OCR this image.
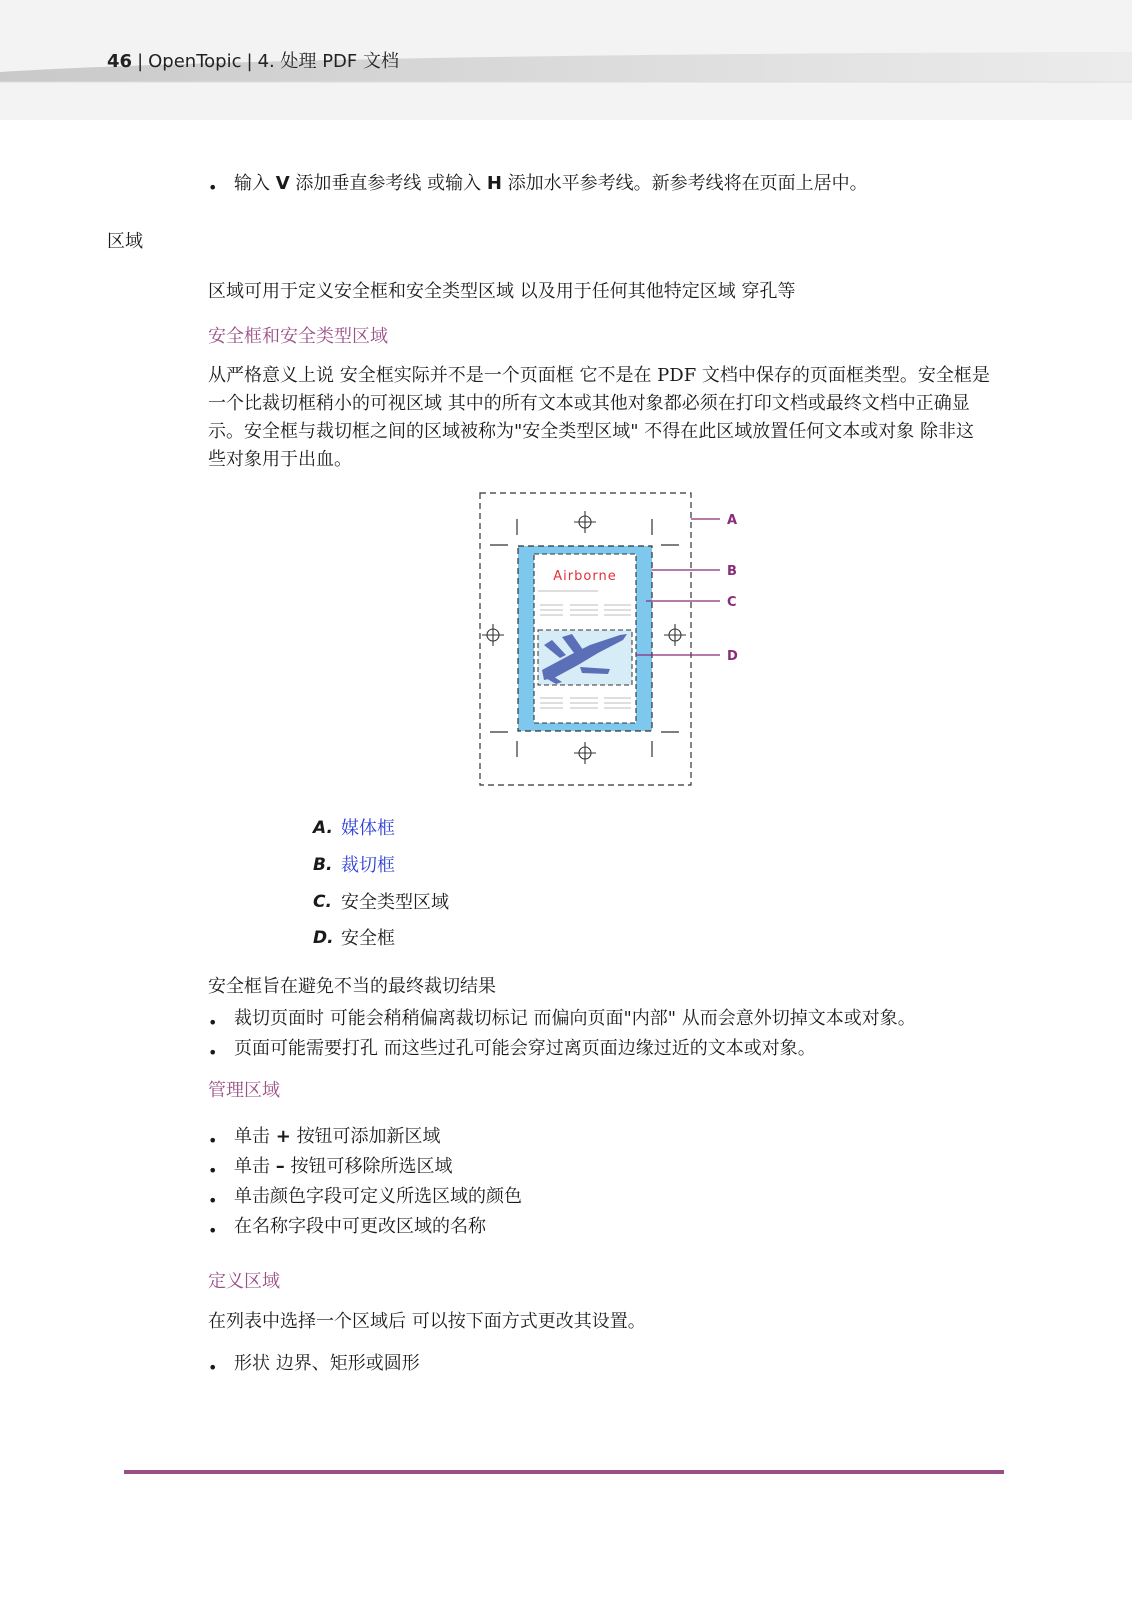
46 | OpenTopic | 4. 处理 PDF 文档
• 输入 V 添加垂直参考线 或输入 H 添加水平参考线。新参考线将在页面上居中。
区域
区域可用于定义安全框和安全类型区域 以及用于任何其他特定区域 穿孔等
安全框和安全类型区域
从严格意义上说 安全框实际并不是一个页面框 它不是在 PDF 文档中保存的页面框类型。安全框是
一个比裁切框稍小的可视区域 其中的所有文本或其他对象都必须在打印文档或最终文档中正确显
示。安全框与裁切框之间的区域被称为"安全类型区域" 不得在此区域放置任何文本或对象 除非这
些对象用于出血。
Airborne
A
B
C
D
A. 媒体框
B. 裁切框
C. 安全类型区域
D. 安全框
安全框旨在避免不当的最终裁切结果
• 裁切页面时 可能会稍稍偏离裁切标记 而偏向页面"内部" 从而会意外切掉文本或对象。
• 页面可能需要打孔 而这些过孔可能会穿过离页面边缘过近的文本或对象。
管理区域
• 单击 + 按钮可添加新区域
• 单击 – 按钮可移除所选区域
• 单击颜色字段可定义所选区域的颜色
• 在名称字段中可更改区域的名称
定义区域
在列表中选择一个区域后 可以按下面方式更改其设置。
• 形状 边界、矩形或圆形
